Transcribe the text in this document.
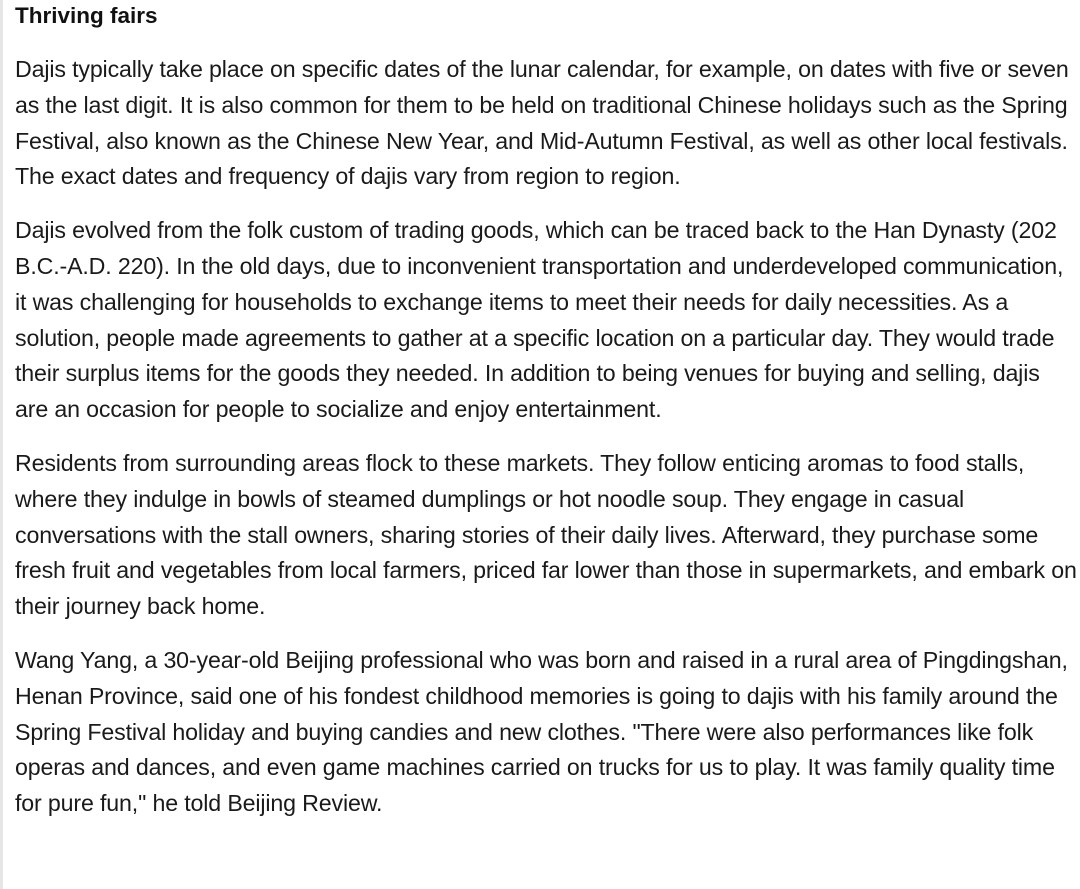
Thriving fairs

Dajis typically take place on specific dates of the lunar calendar, for example, on dates with five or seven as the last digit. It is also common for them to be held on traditional Chinese holidays such as the Spring Festival, also known as the Chinese New Year, and Mid-Autumn Festival, as well as other local festivals. The exact dates and frequency of dajis vary from region to region.

Dajis evolved from the folk custom of trading goods, which can be traced back to the Han Dynasty (202 B.C.-A.D. 220). In the old days, due to inconvenient transportation and underdeveloped communication, it was challenging for households to exchange items to meet their needs for daily necessities. As a solution, people made agreements to gather at a specific location on a particular day. They would trade their surplus items for the goods they needed. In addition to being venues for buying and selling, dajis are an occasion for people to socialize and enjoy entertainment.

Residents from surrounding areas flock to these markets. They follow enticing aromas to food stalls, where they indulge in bowls of steamed dumplings or hot noodle soup. They engage in casual conversations with the stall owners, sharing stories of their daily lives. Afterward, they purchase some fresh fruit and vegetables from local farmers, priced far lower than those in supermarkets, and embark on their journey back home.

Wang Yang, a 30-year-old Beijing professional who was born and raised in a rural area of Pingdingshan, Henan Province, said one of his fondest childhood memories is going to dajis with his family around the Spring Festival holiday and buying candies and new clothes. "There were also performances like folk operas and dances, and even game machines carried on trucks for us to play. It was family quality time for pure fun," he told Beijing Review.
